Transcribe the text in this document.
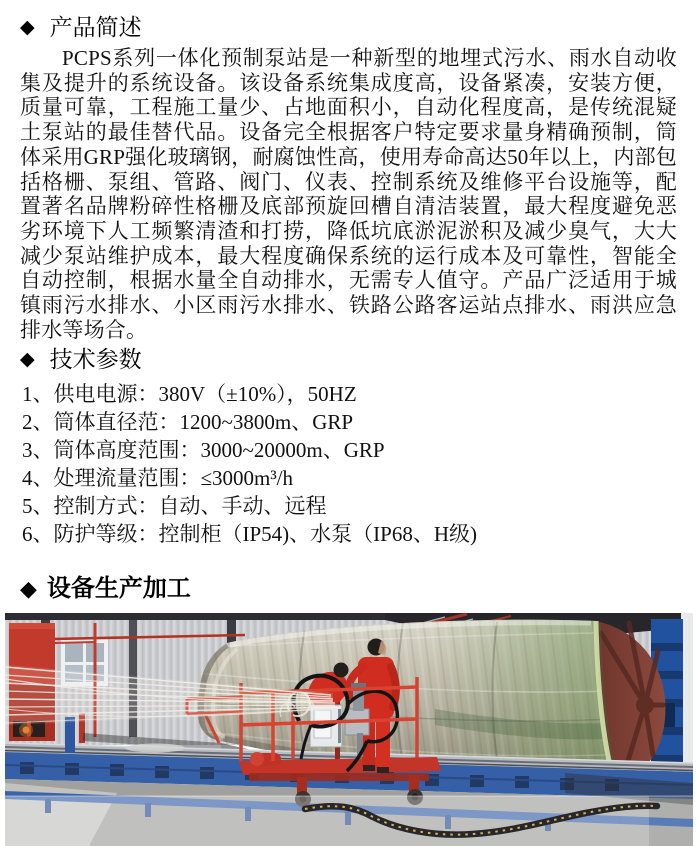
◆ 产品简述

PCPS系列一体化预制泵站是一种新型的地埋式污水、雨水自动收集及提升的系统设备。该设备系统集成度高，设备紧凑，安装方便，质量可靠，工程施工量少、占地面积小，自动化程度高，是传统混疑土泵站的最佳替代品。设备完全根据客户特定要求量身精确预制，筒体采用GRP强化玻璃钢，耐腐蚀性高，使用寿命高达50年以上，内部包括格栅、泵组、管路、阀门、仪表、控制系统及维修平台设施等，配置著名品牌粉碎性格栅及底部预旋回槽自清洁装置，最大程度避免恶劣环境下人工频繁清渣和打捞，降低坑底淤泥淤积及减少臭气，大大减少泵站维护成本，最大程度确保系统的运行成本及可靠性，智能全自动控制，根据水量全自动排水，无需专人值守。产品广泛适用于城镇雨污水排水、小区雨污水排水、铁路公路客运站点排水、雨洪应急排水等场合。

◆ 技术参数
1、供电电源：380V（±10%），50HZ
2、筒体直径范：1200~3800m、GRP
3、筒体高度范围：3000~20000m、GRP
4、处理流量范围：≤3000m³/h
5、控制方式：自动、手动、远程
6、防护等级：控制柜（IP54)、水泵（IP68、H级)
◆ 设备生产加工
